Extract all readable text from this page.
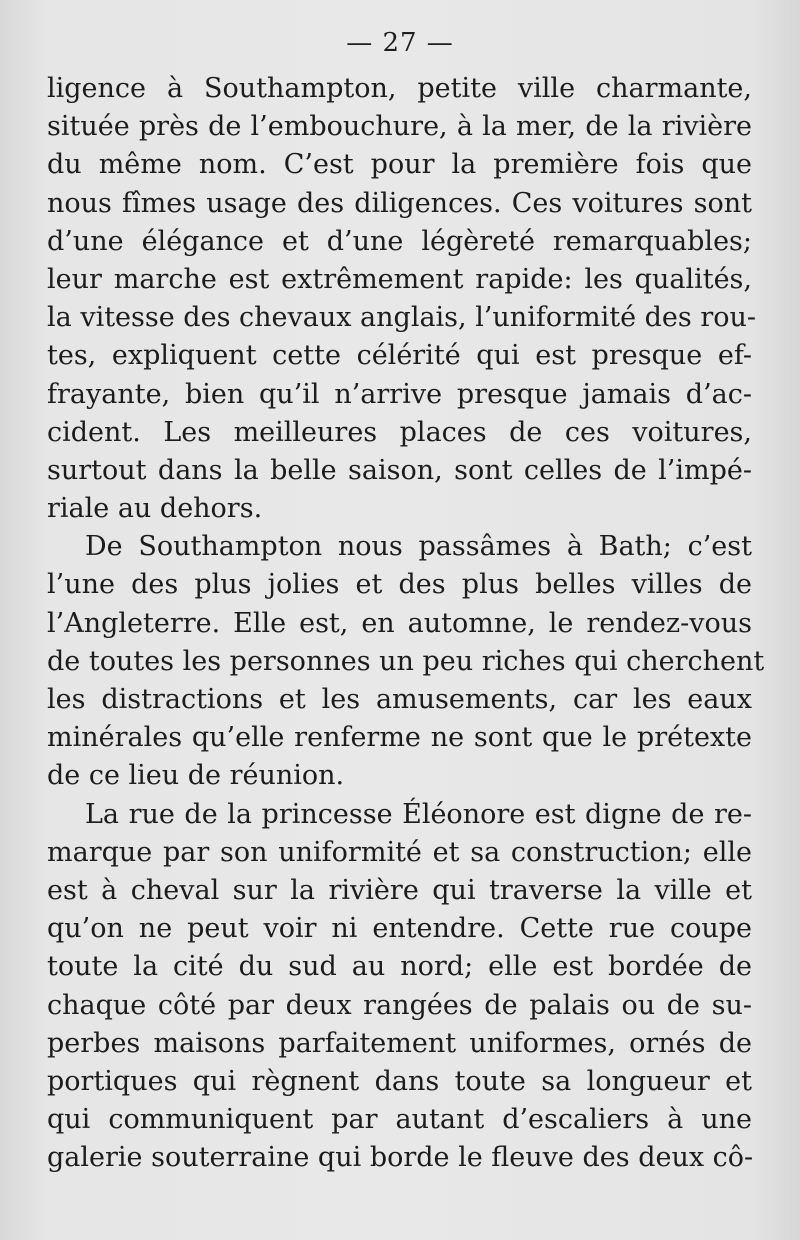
— 27 —
ligence à Southampton, petite ville charmante,
située près de l’embouchure, à la mer, de la rivière
du même nom. C’est pour la première fois que
nous fîmes usage des diligences. Ces voitures sont
d’une élégance et d’une légèreté remarquables;
leur marche est extrêmement rapide: les qualités,
la vitesse des chevaux anglais, l’uniformité des rou-
tes, expliquent cette célérité qui est presque ef-
frayante, bien qu’il n’arrive presque jamais d’ac-
cident. Les meilleures places de ces voitures,
surtout dans la belle saison, sont celles de l’impé-
riale au dehors.
De Southampton nous passâmes à Bath; c’est
l’une des plus jolies et des plus belles villes de
l’Angleterre. Elle est, en automne, le rendez-vous
de toutes les personnes un peu riches qui cherchent
les distractions et les amusements, car les eaux
minérales qu’elle renferme ne sont que le prétexte
de ce lieu de réunion.
La rue de la princesse Éléonore est digne de re-
marque par son uniformité et sa construction; elle
est à cheval sur la rivière qui traverse la ville et
qu’on ne peut voir ni entendre. Cette rue coupe
toute la cité du sud au nord; elle est bordée de
chaque côté par deux rangées de palais ou de su-
perbes maisons parfaitement uniformes, ornés de
portiques qui règnent dans toute sa longueur et
qui communiquent par autant d’escaliers à une
galerie souterraine qui borde le fleuve des deux cô-
